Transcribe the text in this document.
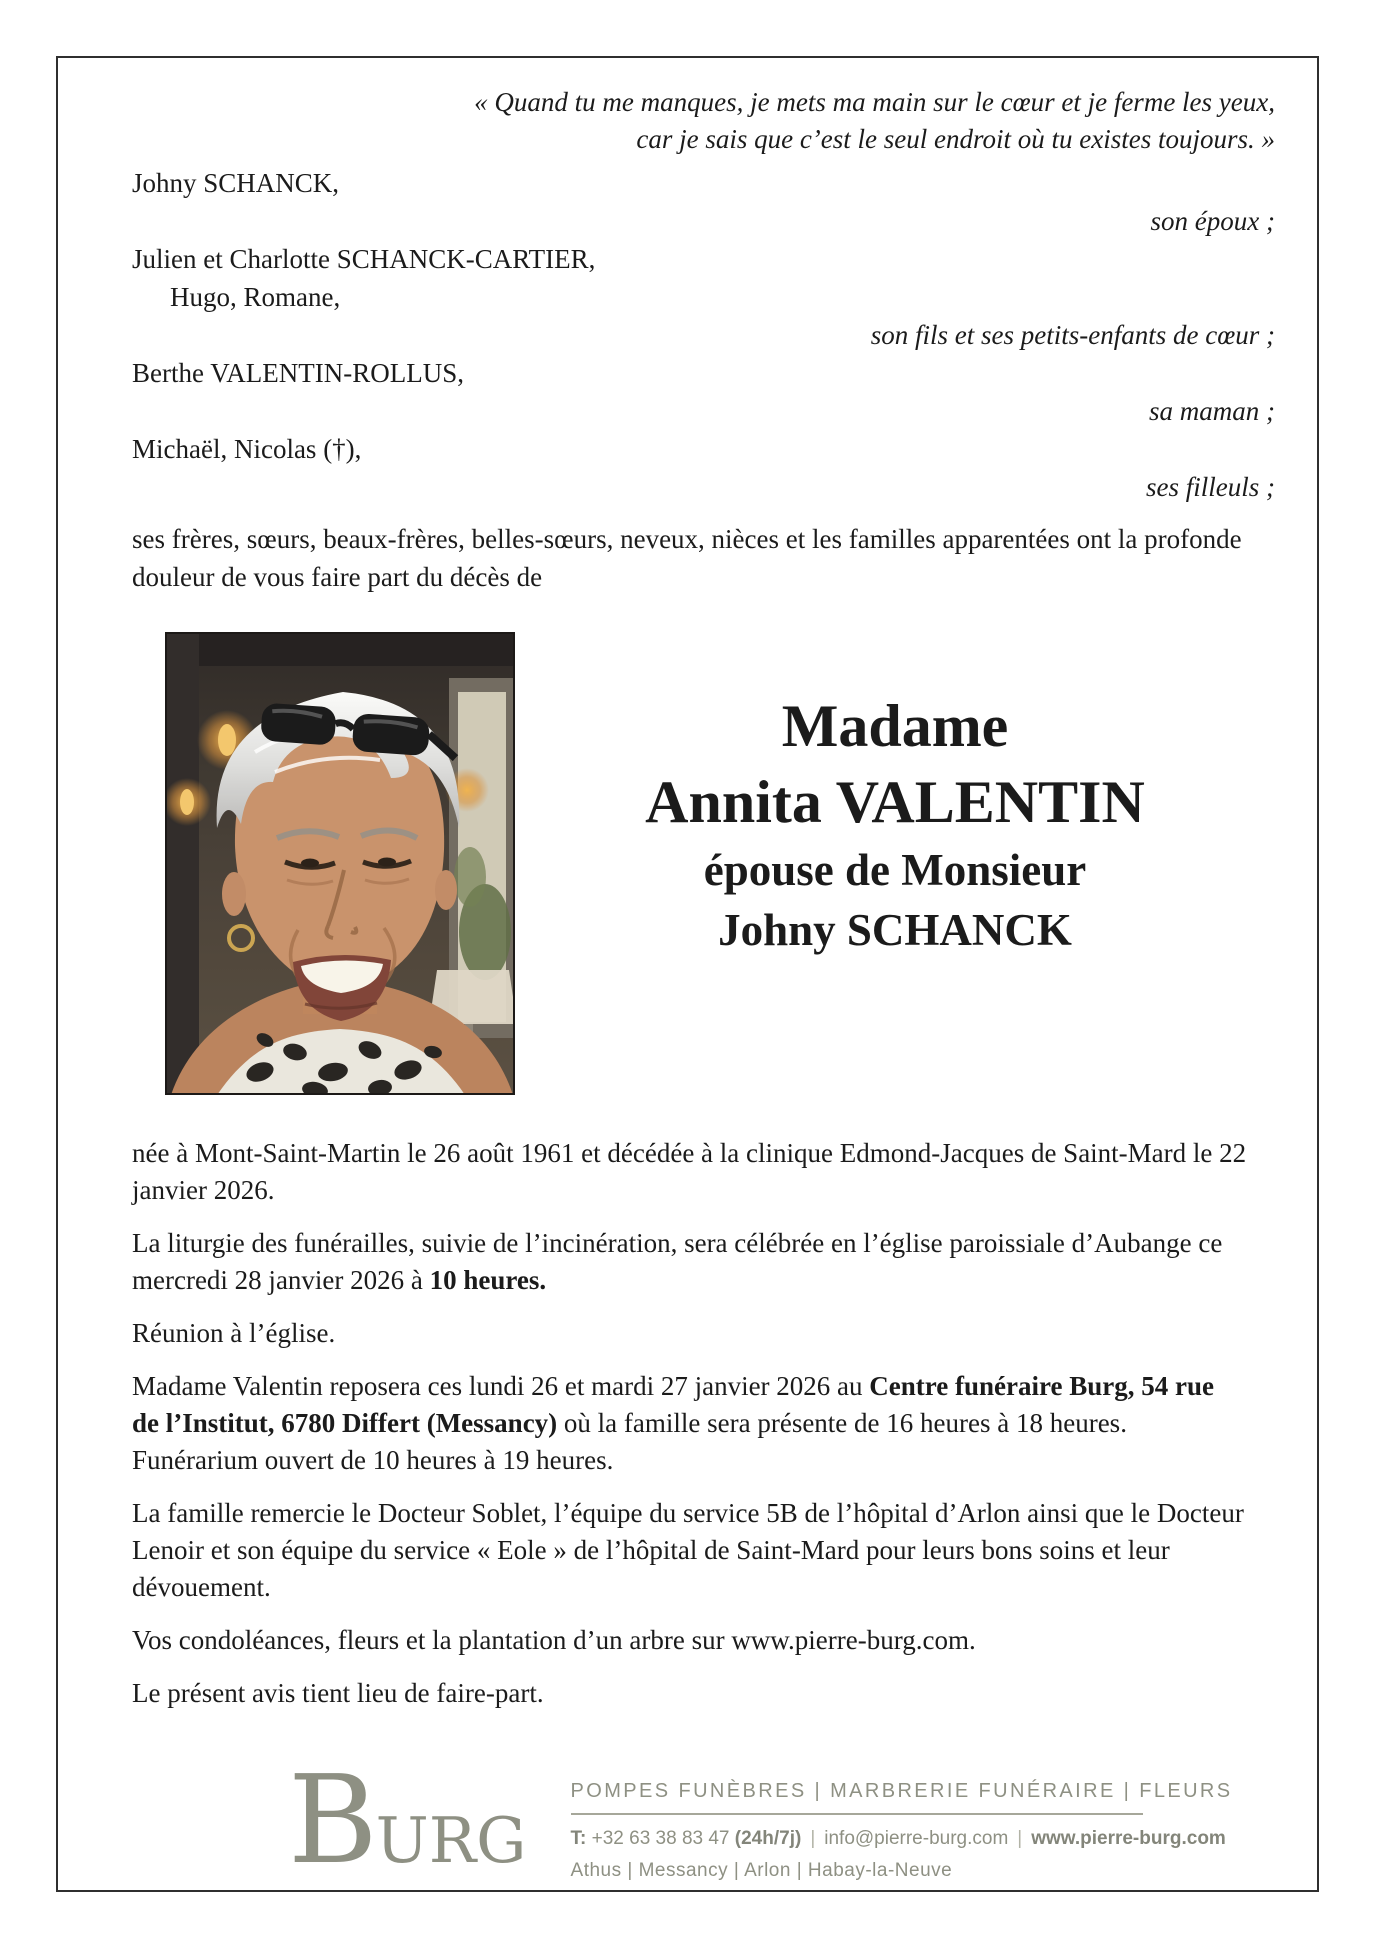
« Quand tu me manques, je mets ma main sur le cœur et je ferme les yeux,
car je sais que c’est le seul endroit où tu existes toujours. »
Johny SCHANCK,
son époux ;
Julien et Charlotte SCHANCK-CARTIER,
Hugo, Romane,
son fils et ses petits-enfants de cœur ;
Berthe VALENTIN-ROLLUS,
sa maman ;
Michaël, Nicolas (†),
ses filleuls ;

ses frères, sœurs, beaux-frères, belles-sœurs, neveux, nièces et les familles apparentées ont la profonde douleur de vous faire part du décès de

Madame
Annita VALENTIN
épouse de Monsieur
Johny SCHANCK

née à Mont-Saint-Martin le 26 août 1961 et décédée à la clinique Edmond-Jacques de Saint-Mard le 22 janvier 2026.

La liturgie des funérailles, suivie de l’incinération, sera célébrée en l’église paroissiale d’Aubange ce mercredi 28 janvier 2026 à 10 heures.

Réunion à l’église.

Madame Valentin reposera ces lundi 26 et mardi 27 janvier 2026 au Centre funéraire Burg, 54 rue de l’Institut, 6780 Differt (Messancy) où la famille sera présente de 16 heures à 18 heures. Funérarium ouvert de 10 heures à 19 heures.

La famille remercie le Docteur Soblet, l’équipe du service 5B de l’hôpital d’Arlon ainsi que le Docteur Lenoir et son équipe du service « Eole » de l’hôpital de Saint-Mard pour leurs bons soins et leur dévouement.

Vos condoléances, fleurs et la plantation d’un arbre sur www.pierre-burg.com.

Le présent avis tient lieu de faire-part.

BURG
POMPES FUNÈBRES | MARBRERIE FUNÉRAIRE | FLEURS
T: +32 63 38 83 47 (24h/7j) | info@pierre-burg.com | www.pierre-burg.com
Athus | Messancy | Arlon | Habay-la-Neuve
